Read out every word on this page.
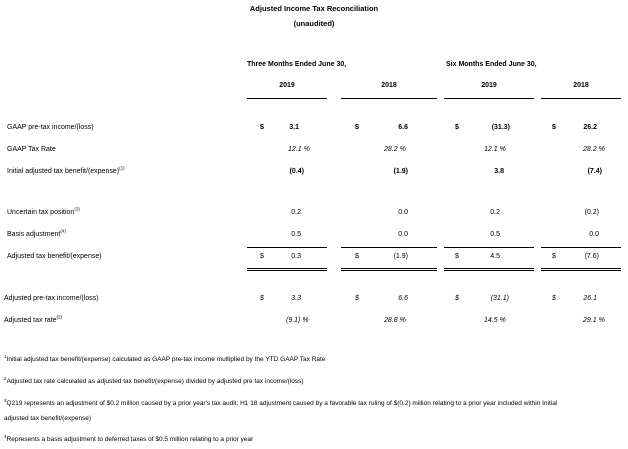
Adjusted Income Tax Reconciliation
(unaudited)
Three Months Ended June 30,	Six Months Ended June 30,
2019	2018	2019	2018
GAAP pre-tax income/(loss)	$	3.1	$	6.6	$	(31.3)	$	26.2
GAAP Tax Rate	12.1 %	28.2 %	12.1 %	28.2 %
Initial adjusted tax benefit/(expense)$^{(1)}$	(0.4)	(1.9)	3.8	(7.4)
Uncertain tax position$^{(3)}$	0.2	0.0	0.2	(0.2)
Basis adjustment$^{(4)}$	0.5	0.0	0.5	0.0
Adjusted tax benefit/(expense)	$	0.3	$	(1.9)	$	4.5	$	(7.6)
Adjusted pre-tax income/(loss)	$	3.3	$	6.6	$	(31.1)	$	26.1
Adjusted tax rate$^{(2)}$	(9.1) %	28.8 %	14.5 %	29.1 %
$^1$Initial adjusted tax benefit/(expense) calculated as GAAP pre-tax income multiplied by the YTD GAAP Tax Rate
$^2$Adjusted tax rate calculated as adjusted tax benefit/(expense) divided by adjusted pre tax income/(loss)
$^3$Q219 represents an adjustment of $0.2 million caused by a prior year's tax audit; H1 18 adjustment caused by a favorable tax ruling of $(0.2) million relating to a prior year included within Initial
adjusted tax benefit/(expense)
$^4$Represents a basis adjustment to deferred taxes of $0.5 million relating to a prior year
